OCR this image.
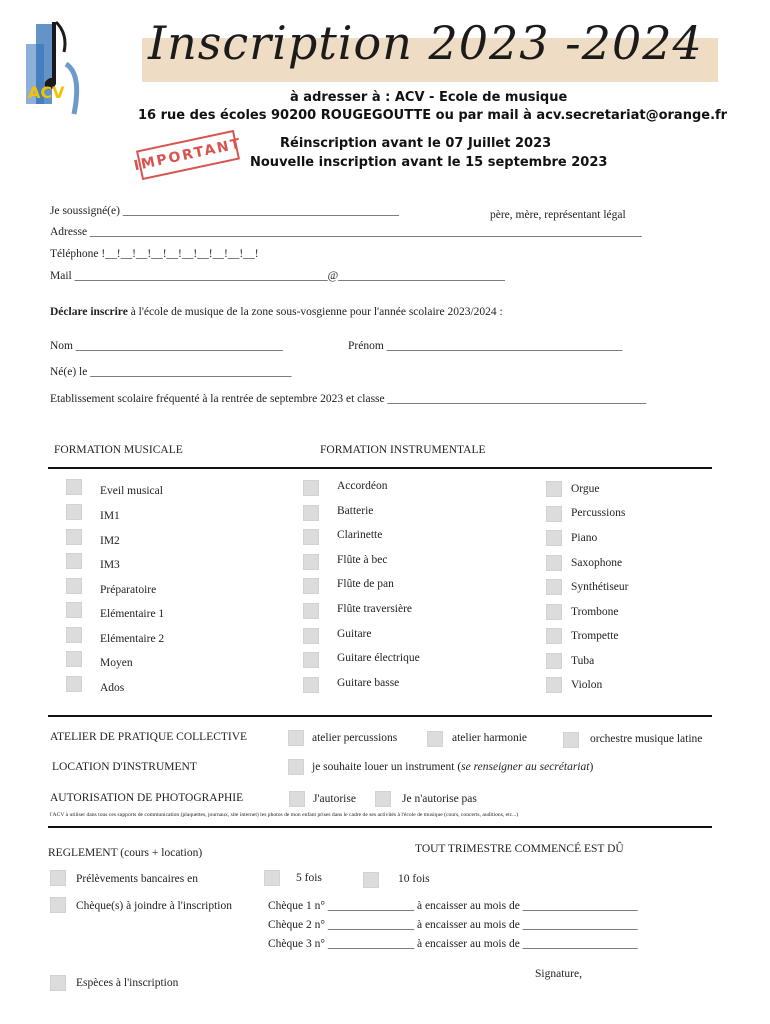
ACV
Inscription 2023 -2024
à adresser à : ACV - Ecole de musique
16 rue des écoles 90200 ROUGEGOUTTE ou par mail à acv.secretariat@orange.fr
Réinscription avant le 07 Juillet 2023
Nouvelle inscription avant le 15 septembre 2023
IMPORTANT
Je soussigné(e) ________________________________________________	père, mère, représentant légal
Adresse ________________________________________________________________________________________________
Téléphone !__!__!__!__!__!__!__!__!__!__!
Mail ____________________________________________@_____________________________
Déclare inscrire à l'école de musique de la zone sous-vosgienne pour l'année scolaire 2023/2024 :
Nom ____________________________________	Prénom _________________________________________
Né(e) le ___________________________________
Etablissement scolaire fréquenté à la rentrée de septembre 2023 et classe _____________________________________________
FORMATION MUSICALE	FORMATION INSTRUMENTALE
Eveil musical
IM1
IM2
IM3
Préparatoire
Elémentaire 1
Elémentaire 2
Moyen
Ados
Accordéon
Batterie
Clarinette
Flûte à bec
Flûte de pan
Flûte traversière
Guitare
Guitare électrique
Guitare basse
Orgue
Percussions
Piano
Saxophone
Synthétiseur
Trombone
Trompette
Tuba
Violon
ATELIER DE PRATIQUE COLLECTIVE	atelier percussions	atelier harmonie	orchestre musique latine
LOCATION D'INSTRUMENT	je souhaite louer un instrument (se renseigner au secrétariat)
AUTORISATION DE PHOTOGRAPHIE	J'autorise	Je n'autorise pas
l'ACV à utiliser dans tous ces supports de communication (plaquettes, journaux, site internet) les photos de mon enfant prises dans le cadre de ses activités à l'école de musique (cours, concerts, auditions, etc...)
REGLEMENT (cours + location)	TOUT TRIMESTRE COMMENCÉ EST DÛ
Prélèvements bancaires en	5 fois	10 fois
Chèque(s) à joindre à l'inscription	Chèque 1 n° _______________ à encaisser au mois de ____________________
Chèque 2 n° _______________ à encaisser au mois de ____________________
Chèque 3 n° _______________ à encaisser au mois de ____________________
Signature,
Espèces à l'inscription
